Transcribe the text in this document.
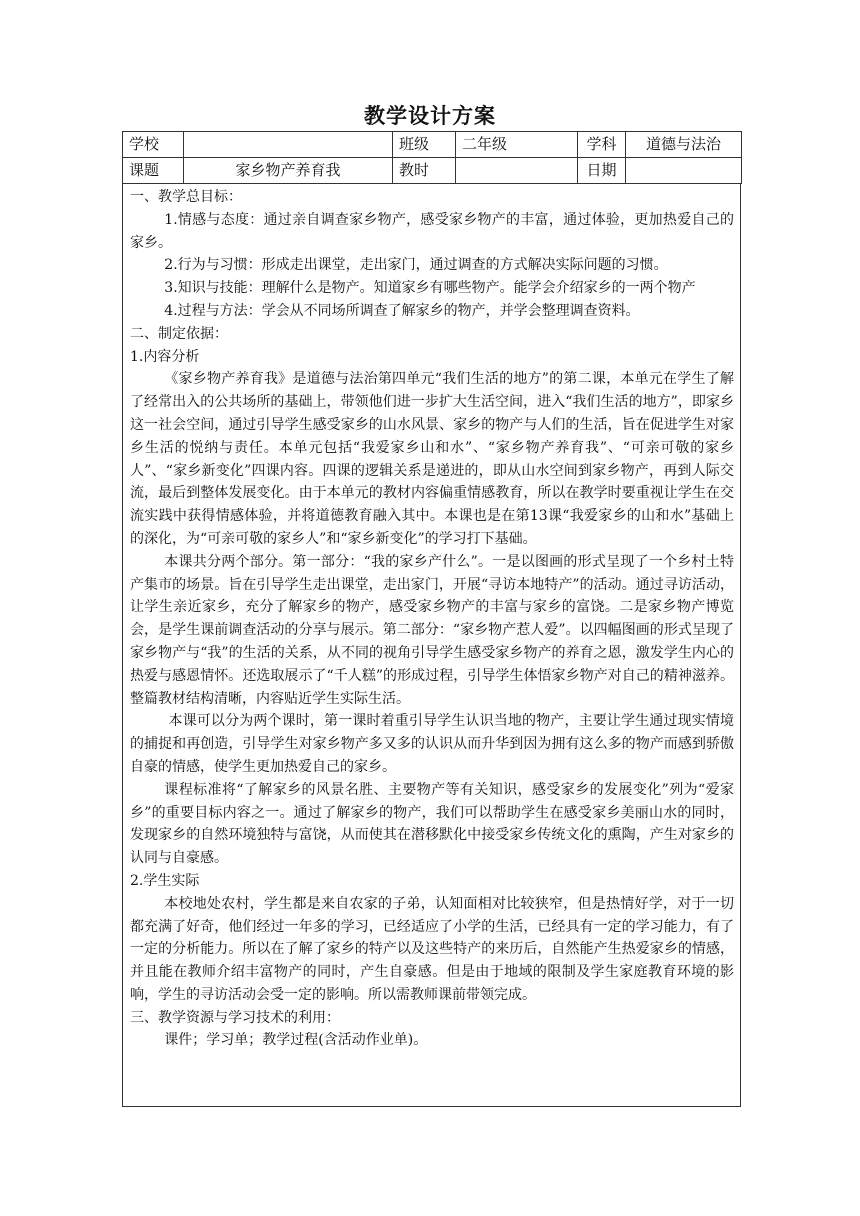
教学设计方案
学校		班级	二年级	学科	道德与法治
课题	家乡物产养育我	教时		日期	

一、教学总目标：

1.情感与态度：通过亲自调查家乡物产，感受家乡物产的丰富，通过体验，更加热爱自己的家乡。

2.行为与习惯：形成走出课堂，走出家门，通过调查的方式解决实际问题的习惯。

3.知识与技能：理解什么是物产。知道家乡有哪些物产。能学会介绍家乡的一两个物产

4.过程与方法：学会从不同场所调查了解家乡的物产，并学会整理调查资料。

二、制定依据：

1.内容分析

《家乡物产养育我》是道德与法治第四单元“我们生活的地方”的第二课，本单元在学生了解了经常出入的公共场所的基础上，带领他们进一步扩大生活空间，进入“我们生活的地方”，即家乡这一社会空间，通过引导学生感受家乡的山水风景、家乡的物产与人们的生活，旨在促进学生对家乡生活的悦纳与责任。本单元包括“我爱家乡山和水”、“家乡物产养育我”、“可亲可敬的家乡人”、“家乡新变化”四课内容。四课的逻辑关系是递进的，即从山水空间到家乡物产，再到人际交流，最后到整体发展变化。由于本单元的教材内容偏重情感教育，所以在教学时要重视让学生在交流实践中获得情感体验，并将道德教育融入其中。本课也是在第13课“我爱家乡的山和水”基础上的深化，为“可亲可敬的家乡人”和“家乡新变化”的学习打下基础。

本课共分两个部分。第一部分：“我的家乡产什么”。一是以图画的形式呈现了一个乡村土特产集市的场景。旨在引导学生走出课堂，走出家门，开展“寻访本地特产”的活动。通过寻访活动，让学生亲近家乡，充分了解家乡的物产，感受家乡物产的丰富与家乡的富饶。二是家乡物产博览会，是学生课前调查活动的分享与展示。第二部分：“家乡物产惹人爱”。以四幅图画的形式呈现了家乡物产与“我”的生活的关系，从不同的视角引导学生感受家乡物产的养育之恩，激发学生内心的热爱与感恩情怀。还选取展示了“千人糕”的形成过程，引导学生体悟家乡物产对自己的精神滋养。整篇教材结构清晰，内容贴近学生实际生活。

本课可以分为两个课时，第一课时着重引导学生认识当地的物产，主要让学生通过现实情境的捕捉和再创造，引导学生对家乡物产多又多的认识从而升华到因为拥有这么多的物产而感到骄傲自豪的情感，使学生更加热爱自己的家乡。

课程标准将“了解家乡的风景名胜、主要物产等有关知识，感受家乡的发展变化”列为“爱家乡”的重要目标内容之一。通过了解家乡的物产，我们可以帮助学生在感受家乡美丽山水的同时，发现家乡的自然环境独特与富饶，从而使其在潜移默化中接受家乡传统文化的熏陶，产生对家乡的认同与自豪感。

2.学生实际

本校地处农村，学生都是来自农家的子弟，认知面相对比较狭窄，但是热情好学，对于一切都充满了好奇，他们经过一年多的学习，已经适应了小学的生活，已经具有一定的学习能力，有了一定的分析能力。所以在了解了家乡的特产以及这些特产的来历后，自然能产生热爱家乡的情感，并且能在教师介绍丰富物产的同时，产生自豪感。但是由于地域的限制及学生家庭教育环境的影响，学生的寻访活动会受一定的影响。所以需教师课前带领完成。

三、教学资源与学习技术的利用：

课件；学习单；教学过程(含活动作业单)。
